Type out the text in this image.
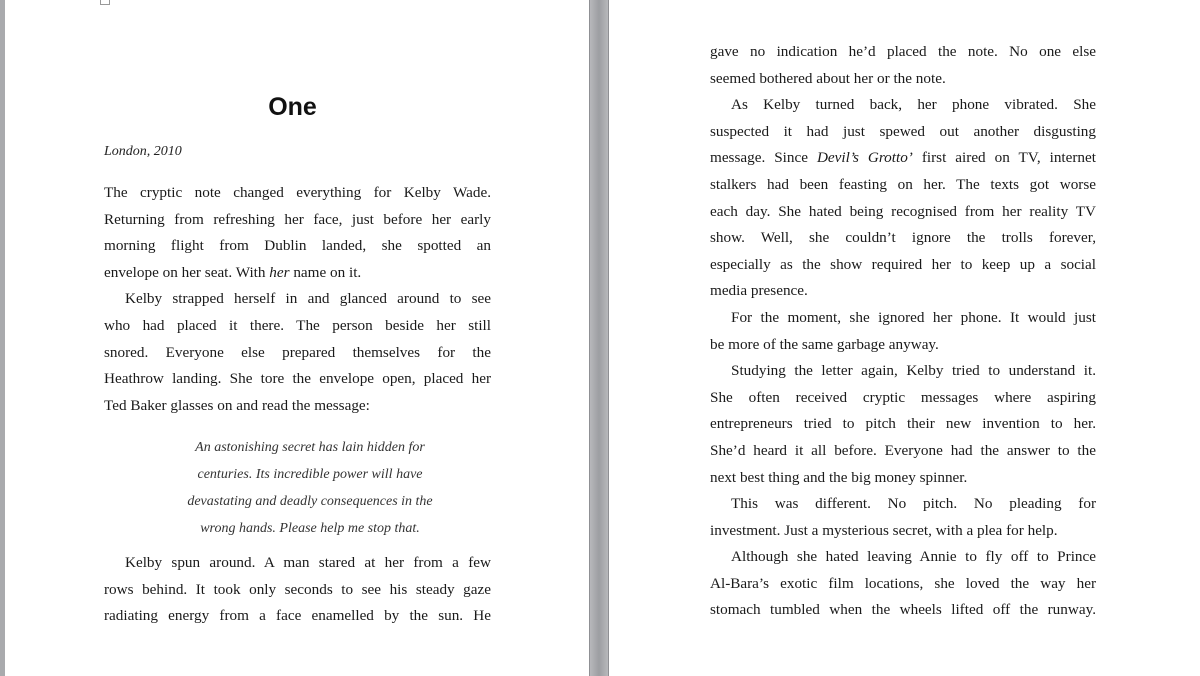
One
London, 2010
The cryptic note changed everything for Kelby Wade.
Returning from refreshing her face, just before her early
morning flight from Dublin landed, she spotted an
envelope on her seat. With her name on it.
Kelby strapped herself in and glanced around to see
who had placed it there. The person beside her still
snored. Everyone else prepared themselves for the
Heathrow landing. She tore the envelope open, placed her
Ted Baker glasses on and read the message:
An astonishing secret has lain hidden for
centuries. Its incredible power will have
devastating and deadly consequences in the
wrong hands. Please help me stop that.
Kelby spun around. A man stared at her from a few
rows behind. It took only seconds to see his steady gaze
radiating energy from a face enamelled by the sun. He
gave no indication he’d placed the note. No one else
seemed bothered about her or the note.
As Kelby turned back, her phone vibrated. She
suspected it had just spewed out another disgusting
message. Since Devil’s Grotto’ first aired on TV, internet
stalkers had been feasting on her. The texts got worse
each day. She hated being recognised from her reality TV
show. Well, she couldn’t ignore the trolls forever,
especially as the show required her to keep up a social
media presence.
For the moment, she ignored her phone. It would just
be more of the same garbage anyway.
Studying the letter again, Kelby tried to understand it.
She often received cryptic messages where aspiring
entrepreneurs tried to pitch their new invention to her.
She’d heard it all before. Everyone had the answer to the
next best thing and the big money spinner.
This was different. No pitch. No pleading for
investment. Just a mysterious secret, with a plea for help.
Although she hated leaving Annie to fly off to Prince
Al-Bara’s exotic film locations, she loved the way her
stomach tumbled when the wheels lifted off the runway.
